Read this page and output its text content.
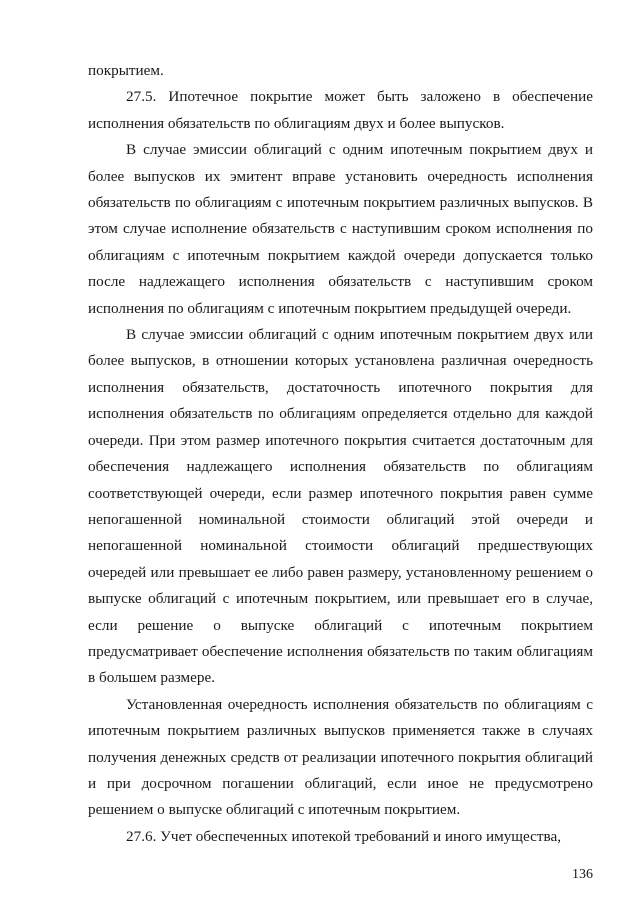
покрытием.

27.5. Ипотечное покрытие может быть заложено в обеспечение исполнения обязательств по облигациям двух и более выпусков.

В случае эмиссии облигаций с одним ипотечным покрытием двух и более выпусков их эмитент вправе установить очередность исполнения обязательств по облигациям с ипотечным покрытием различных выпусков. В этом случае исполнение обязательств с наступившим сроком исполнения по облигациям с ипотечным покрытием каждой очереди допускается только после надлежащего исполнения обязательств с наступившим сроком исполнения по облигациям с ипотечным покрытием предыдущей очереди.

В случае эмиссии облигаций с одним ипотечным покрытием двух или более выпусков, в отношении которых установлена различная очередность исполнения обязательств, достаточность ипотечного покрытия для исполнения обязательств по облигациям определяется отдельно для каждой очереди. При этом размер ипотечного покрытия считается достаточным для обеспечения надлежащего исполнения обязательств по облигациям соответствующей очереди, если размер ипотечного покрытия равен сумме непогашенной номинальной стоимости облигаций этой очереди и непогашенной номинальной стоимости облигаций предшествующих очередей или превышает ее либо равен размеру, установленному решением о выпуске облигаций с ипотечным покрытием, или превышает его в случае, если решение о выпуске облигаций с ипотечным покрытием предусматривает обеспечение исполнения обязательств по таким облигациям в большем размере.

Установленная очередность исполнения обязательств по облигациям с ипотечным покрытием различных выпусков применяется также в случаях получения денежных средств от реализации ипотечного покрытия облигаций и при досрочном погашении облигаций, если иное не предусмотрено решением о выпуске облигаций с ипотечным покрытием.

27.6. Учет обеспеченных ипотекой требований и иного имущества,

136
